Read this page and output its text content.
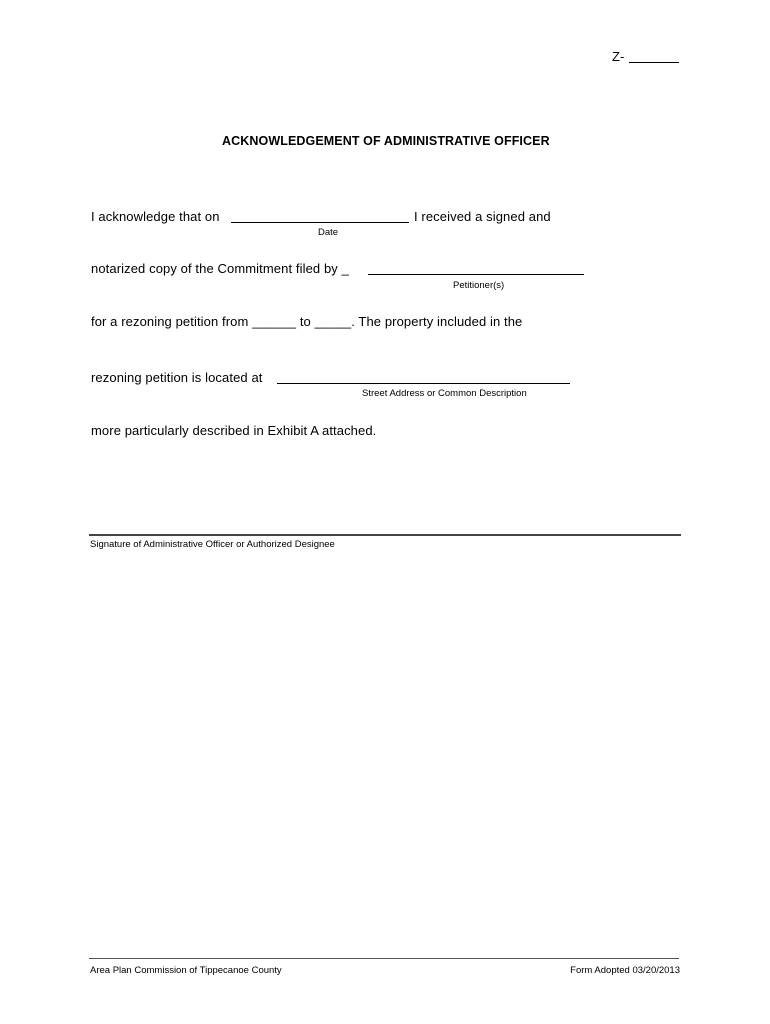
Z-
ACKNOWLEDGEMENT OF ADMINISTRATIVE OFFICER
I acknowledge that on	I received a signed and
Date
notarized copy of the Commitment filed by _
Petitioner(s)
for a rezoning petition from ______ to _____. The property included in the
rezoning petition is located at
Street Address or Common Description
more particularly described in Exhibit A attached.
Signature of Administrative Officer or Authorized Designee
Area Plan Commission of Tippecanoe County	Form Adopted 03/20/2013
